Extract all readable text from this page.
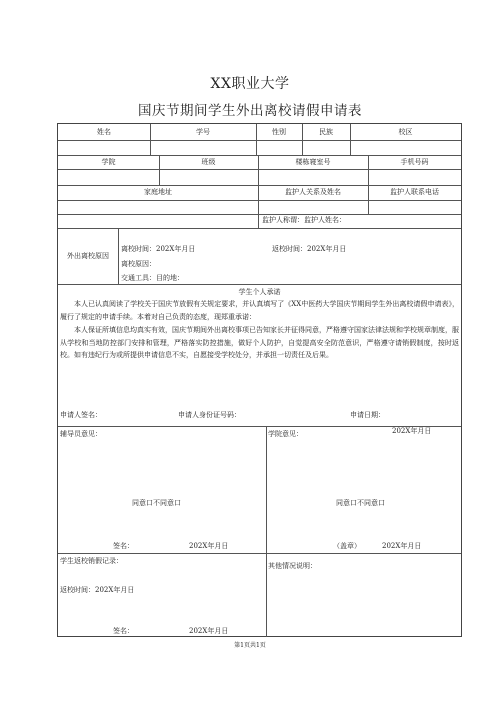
XX职业大学
国庆节期间学生外出离校请假申请表
姓名	学号	性别	民族	校区
学院	班级	楼栋寝室号	手机号码
家庭地址	监护人关系及姓名	监护人联系电话
监护人称谓：监护人姓名：
外出离校原因
离校时间：202X年月日	返校时间：202X年月日
离校原因：
交通工具：目的地：
学生个人承诺
本人已认真阅读了学校关于国庆节放假有关规定要求，并认真填写了《XX中医药大学国庆节期间学生外出离校请假申请表》，履行了规定的申请手续。本着对自己负责的态度，现郑重承诺：
本人保证所填信息均真实有效，国庆节期间外出离校事项已告知家长并征得同意，严格遵守国家法律法规和学校规章制度，服从学校和当地防控部门安排和管理，严格落实防控措施，做好个人防护，自觉提高安全防范意识，严格遵守请销假制度，按时返校。如有违纪行为或所提供申请信息不实，自愿接受学校处分，并承担一切责任及后果。
申请人签名：	申请人身份证号码：	申请日期：
202X年月日
辅导员意见：
同意口不同意口
签名：	202X年月日
学院意见：
同意口不同意口
（盖章）	202X年月日
学生返校销假记录：
返校时间：202X年月日
签名：	202X年月日
其他情况说明：
第1页共1页
